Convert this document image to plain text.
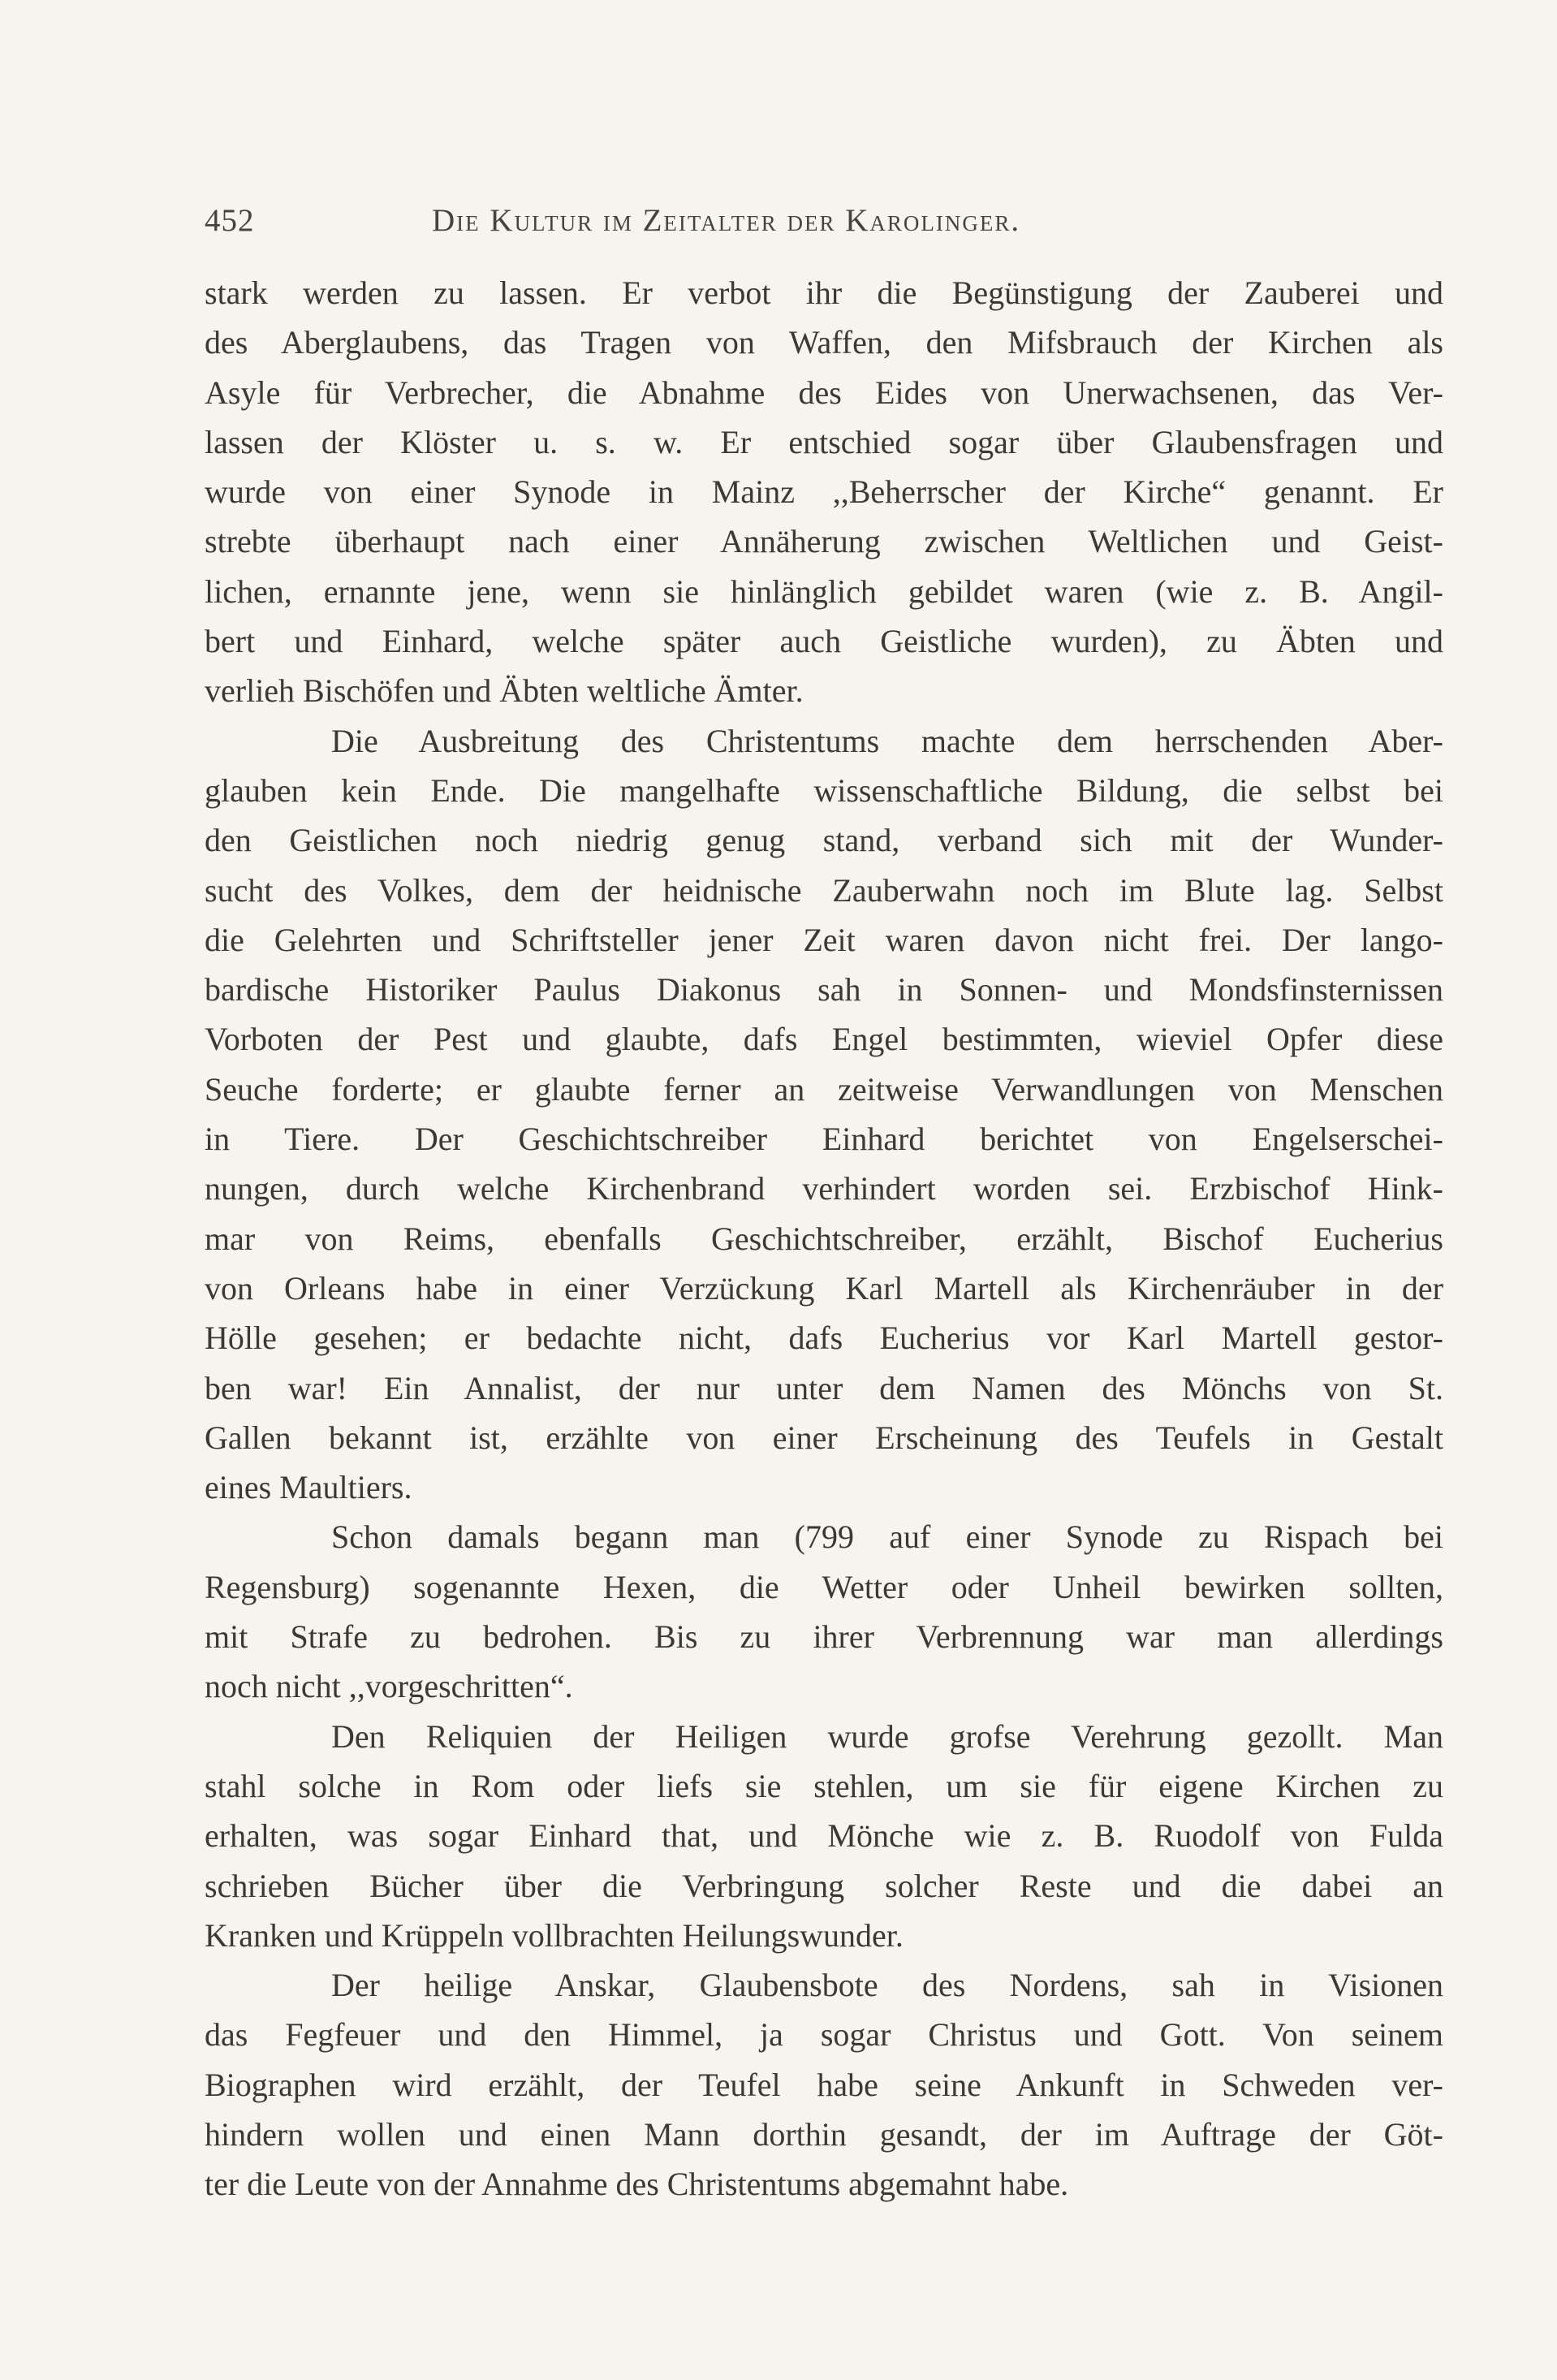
452	Die Kultur im Zeitalter der Karolinger.
stark werden zu lassen. Er verbot ihr die Begünstigung der Zauberei und
des Aberglaubens, das Tragen von Waffen, den Mifsbrauch der Kirchen als
Asyle für Verbrecher, die Abnahme des Eides von Unerwachsenen, das Ver-
lassen der Klöster u. s. w. Er entschied sogar über Glaubensfragen und
wurde von einer Synode in Mainz ,,Beherrscher der Kirche“ genannt. Er
strebte überhaupt nach einer Annäherung zwischen Weltlichen und Geist-
lichen, ernannte jene, wenn sie hinlänglich gebildet waren (wie z. B. Angil-
bert und Einhard, welche später auch Geistliche wurden), zu Äbten und
verlieh Bischöfen und Äbten weltliche Ämter.
Die Ausbreitung des Christentums machte dem herrschenden Aber-
glauben kein Ende. Die mangelhafte wissenschaftliche Bildung, die selbst bei
den Geistlichen noch niedrig genug stand, verband sich mit der Wunder-
sucht des Volkes, dem der heidnische Zauberwahn noch im Blute lag. Selbst
die Gelehrten und Schriftsteller jener Zeit waren davon nicht frei. Der lango-
bardische Historiker Paulus Diakonus sah in Sonnen- und Mondsfinsternissen
Vorboten der Pest und glaubte, dafs Engel bestimmten, wieviel Opfer diese
Seuche forderte; er glaubte ferner an zeitweise Verwandlungen von Menschen
in Tiere. Der Geschichtschreiber Einhard berichtet von Engelserschei-
nungen, durch welche Kirchenbrand verhindert worden sei. Erzbischof Hink-
mar von Reims, ebenfalls Geschichtschreiber, erzählt, Bischof Eucherius
von Orleans habe in einer Verzückung Karl Martell als Kirchenräuber in der
Hölle gesehen; er bedachte nicht, dafs Eucherius vor Karl Martell gestor-
ben war! Ein Annalist, der nur unter dem Namen des Mönchs von St.
Gallen bekannt ist, erzählte von einer Erscheinung des Teufels in Gestalt
eines Maultiers.
Schon damals begann man (799 auf einer Synode zu Rispach bei
Regensburg) sogenannte Hexen, die Wetter oder Unheil bewirken sollten,
mit Strafe zu bedrohen. Bis zu ihrer Verbrennung war man allerdings
noch nicht ,,vorgeschritten“.
Den Reliquien der Heiligen wurde grofse Verehrung gezollt. Man
stahl solche in Rom oder liefs sie stehlen, um sie für eigene Kirchen zu
erhalten, was sogar Einhard that, und Mönche wie z. B. Ruodolf von Fulda
schrieben Bücher über die Verbringung solcher Reste und die dabei an
Kranken und Krüppeln vollbrachten Heilungswunder.
Der heilige Anskar, Glaubensbote des Nordens, sah in Visionen
das Fegfeuer und den Himmel, ja sogar Christus und Gott. Von seinem
Biographen wird erzählt, der Teufel habe seine Ankunft in Schweden ver-
hindern wollen und einen Mann dorthin gesandt, der im Auftrage der Göt-
ter die Leute von der Annahme des Christentums abgemahnt habe.
